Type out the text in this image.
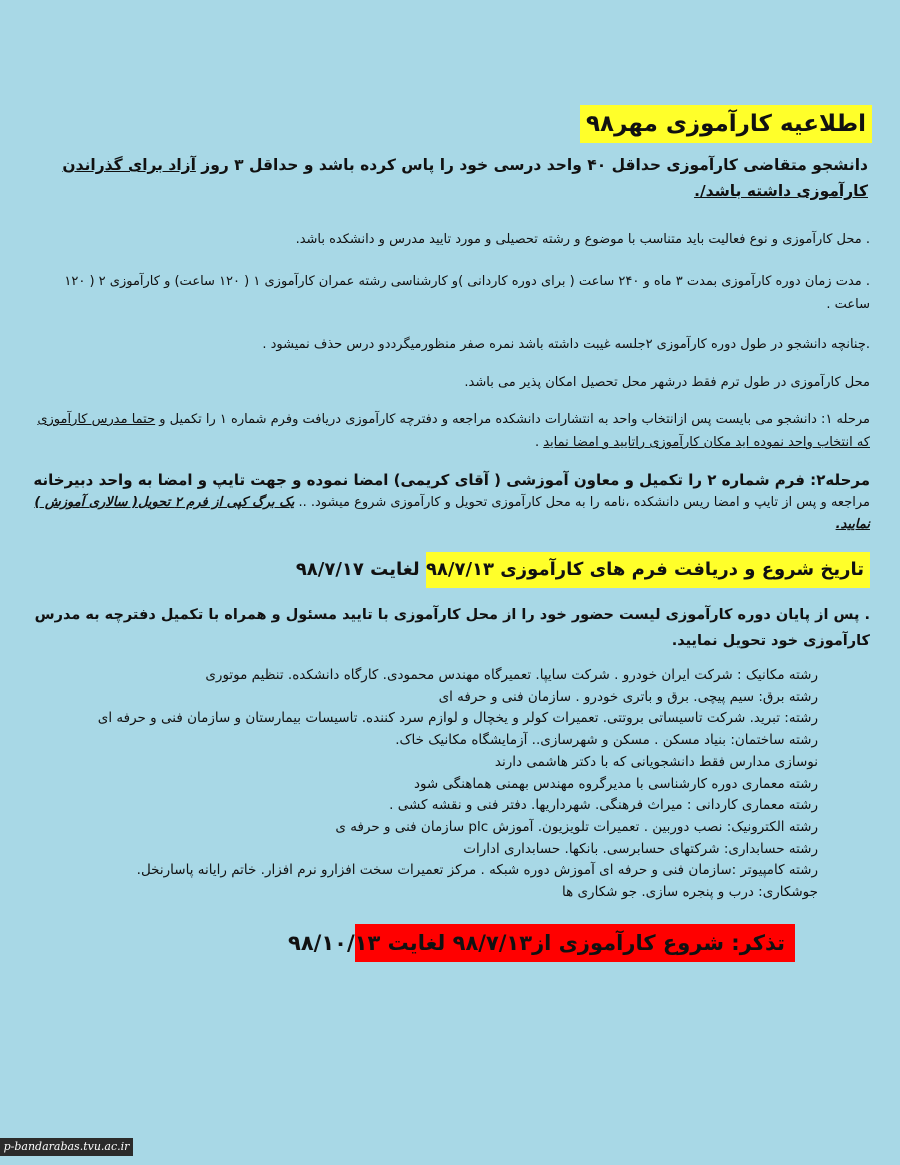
اطلاعیه کارآموزی مهر۹۸
دانشجو متقاضی کارآموزی حداقل ۴۰ واحد درسی خود را پاس کرده باشد و حداقل ۳ روز آزاد برای گذراندن کارآموزی داشته باشد/.
. محل کارآموزی و نوع فعالیت باید متناسب با موضوع و رشته تحصیلی و مورد تایید مدرس و دانشکده باشد.
. مدت زمان دوره کارآموزی بمدت ۳ ماه و ۲۴۰ ساعت ( برای دوره کاردانی )و کارشناسی رشته عمران کارآموزی ۱ ( ۱۲۰ ساعت) و کارآموزی ۲ ( ۱۲۰ ساعت .
.چنانچه دانشجو در طول دوره کارآموزی ۲جلسه غیبت داشته باشد نمره صفر منظورمیگرددو درس حذف نمیشود .
محل کارآموزی در طول ترم فقط درشهر محل تحصیل امکان پذیر می باشد.
مرحله ۱: دانشجو می بایست پس ازانتخاب واحد به انتشارات دانشکده مراجعه و دفترچه کارآموزی دریافت وفرم شماره ۱ را تکمیل و حتما مدرس کارآموزی که انتخاب واحد نموده اید مکان کارآموزی راتایید و امضا نماید .
مرحله۲: فرم شماره ۲ را تکمیل و معاون آموزشی ( آقای کریمی) امضا نموده و جهت تایپ و امضا به واحد دبیرخانه
مراجعه و پس از تایپ و امضا ریس دانشکده ،نامه را به محل کارآموزی تحویل و کارآموزی شروع میشود. .. یک برگ کپی از فرم ۲ تحویل( سالاری آموزش ) نمایید.
تاریخ شروع و دریافت فرم های کارآموزی ۹۸/۷/۱۳ لغایت ۹۸/۷/۱۷
. پس از پایان دوره کارآموزی لیست حضور خود را از محل کارآموزی با تایید مسئول و همراه با تکمیل دفترچه به مدرس کارآموزی خود تحویل نمایید.
رشته مکانیک : شرکت ایران خودرو . شرکت سایپا. تعمیرگاه مهندس محمودی. کارگاه دانشکده. تنظیم موتوری
رشته برق: سیم پیچی. برق و باتری خودرو . سازمان فنی و حرفه ای
رشته: تبرید. شرکت تاسیساتی بروتتی. تعمیرات کولر و یخچال و لوازم سرد کننده. تاسیسات بیمارستان و سازمان فنی و حرفه ای
رشته ساختمان: بنیاد مسکن . مسکن و شهرسازی.. آزمایشگاه مکانیک خاک.
نوسازی مدارس فقط دانشجویانی که با دکتر هاشمی دارند
رشته معماری دوره کارشناسی با مدیرگروه مهندس بهمنی هماهنگی شود
رشته معماری کاردانی : میراث فرهنگی. شهرداریها. دفتر فنی و نقشه کشی .
رشته الکترونیک: نصب دوربین . تعمیرات تلویزیون. آموزش plc سازمان فنی و حرفه ی
رشته حسابداری: شرکتهای حسابرسی. بانکها. حسابداری ادارات
رشته کامپیوتر :سازمان فنی و حرفه ای آموزش دوره شبکه . مرکز تعمیرات سخت افزارو نرم افزار. خاتم رایانه پاسارنخل.
جوشکاری: درب و پنجره سازی. جو شکاری ها
تذکر: شروع کارآموزی از۹۸/۷/۱۳ لغایت ۹۸/۱۰/۱۳
p-bandarabas.tvu.ac.ir
